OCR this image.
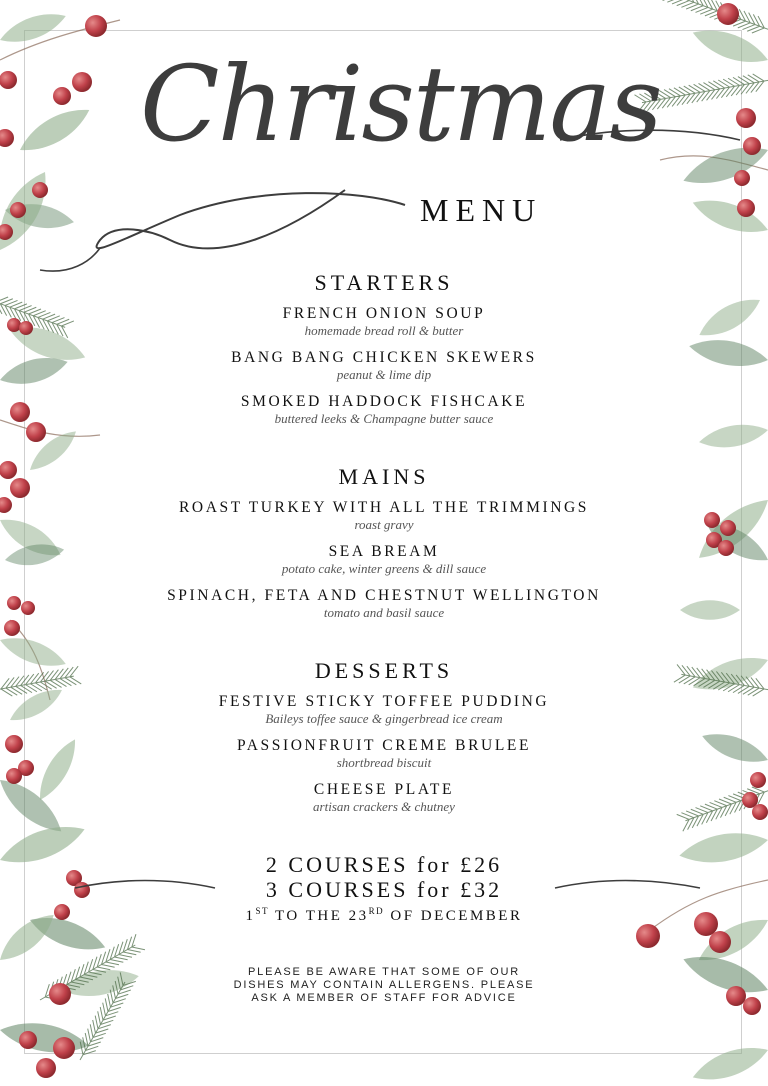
Christmas
MENU
STARTERS
FRENCH ONION SOUP
homemade bread roll & butter
BANG BANG CHICKEN SKEWERS
peanut & lime dip
SMOKED HADDOCK FISHCAKE
buttered leeks & Champagne butter sauce
MAINS
ROAST TURKEY WITH ALL THE TRIMMINGS
roast gravy
SEA BREAM
potato cake, winter greens & dill sauce
SPINACH, FETA AND CHESTNUT WELLINGTON
tomato and basil sauce
DESSERTS
FESTIVE STICKY TOFFEE PUDDING
Baileys toffee sauce & gingerbread ice cream
PASSIONFRUIT CREME BRULEE
shortbread biscuit
CHEESE PLATE
artisan crackers & chutney
2 COURSES for £26
3 COURSES for £32
1ST TO THE 23RD OF DECEMBER
PLEASE BE AWARE THAT SOME OF OUR
DISHES MAY CONTAIN ALLERGENS. PLEASE
ASK A MEMBER OF STAFF FOR ADVICE
